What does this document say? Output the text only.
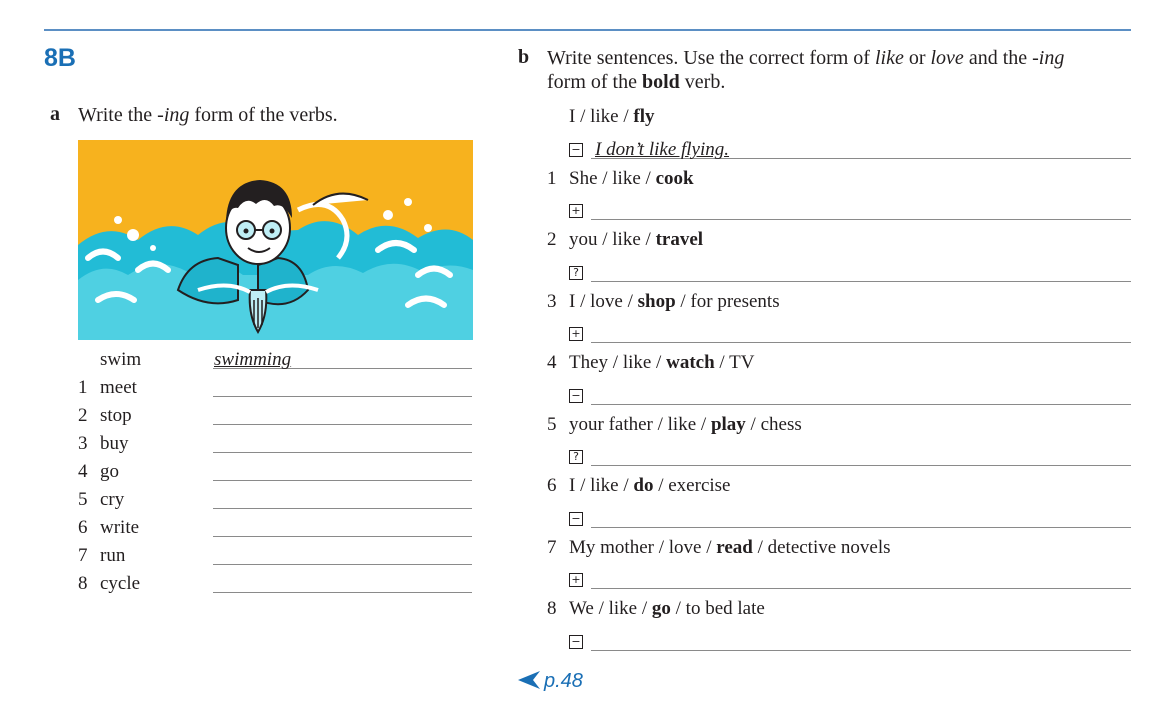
8B
a Write the -ing form of the verbs.
swim	swimming
1 meet
2 stop
3 buy
4 go
5 cry
6 write
7 run
8 cycle
b Write sentences. Use the correct form of like or love and the -ing
form of the bold verb.
I / like / fly
− I don’t like flying.
1 She / like / cook
+
2 you / like / travel
?
3 I / love / shop / for presents
+
4 They / like / watch / TV
−
5 your father / like / play / chess
?
6 I / like / do / exercise
−
7 My mother / love / read / detective novels
+
8 We / like / go / to bed late
−
p.48
